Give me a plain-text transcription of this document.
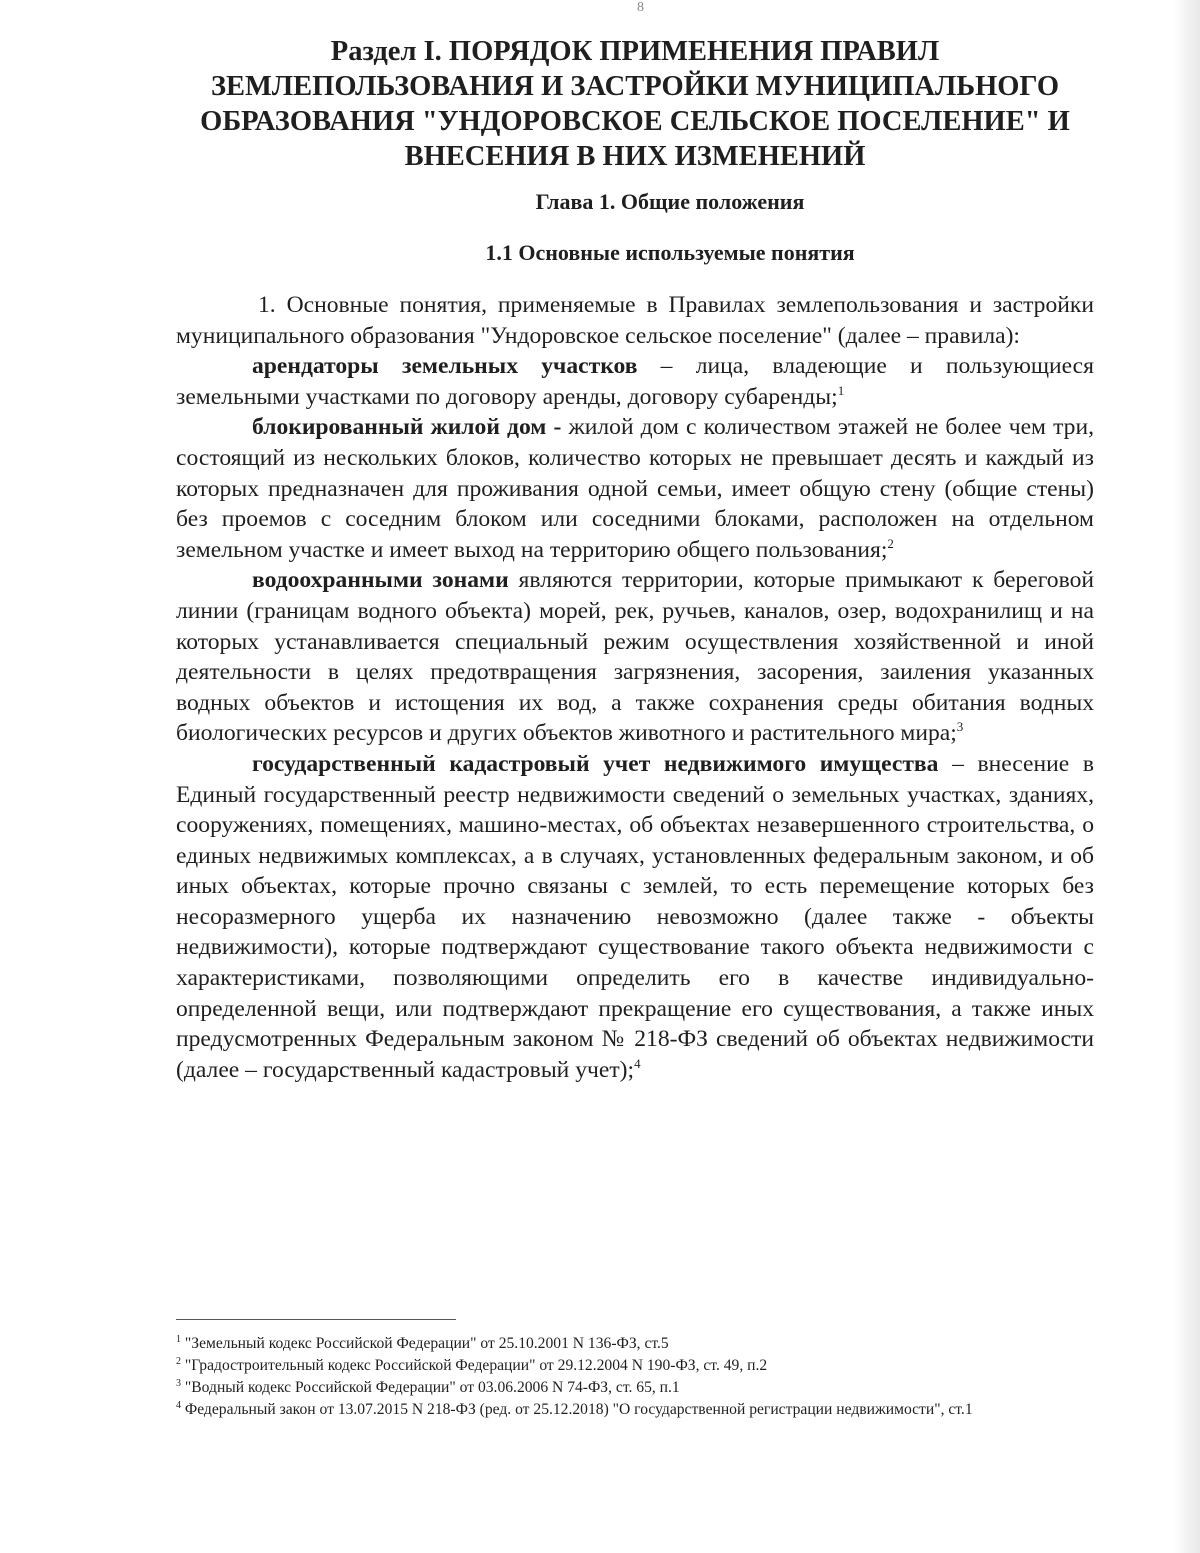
8
Раздел I. ПОРЯДОК ПРИМЕНЕНИЯ ПРАВИЛ ЗЕМЛЕПОЛЬЗОВАНИЯ И ЗАСТРОЙКИ МУНИЦИПАЛЬНОГО ОБРАЗОВАНИЯ "УНДОРОВСКОЕ СЕЛЬСКОЕ ПОСЕЛЕНИЕ" И ВНЕСЕНИЯ В НИХ ИЗМЕНЕНИЙ
Глава 1. Общие положения
1.1 Основные используемые понятия

1. Основные понятия, применяемые в Правилах землепользования и застройки муниципального образования "Ундоровское сельское поселение" (далее – правила):

арендаторы земельных участков – лица, владеющие и пользующиеся земельными участками по договору аренды, договору субаренды;$^1$

блокированный жилой дом - жилой дом с количеством этажей не более чем три, состоящий из нескольких блоков, количество которых не превышает десять и каждый из которых предназначен для проживания одной семьи, имеет общую стену (общие стены) без проемов с соседним блоком или соседними блоками, расположен на отдельном земельном участке и имеет выход на территорию общего пользования;$^2$

водоохранными зонами являются территории, которые примыкают к береговой линии (границам водного объекта) морей, рек, ручьев, каналов, озер, водохранилищ и на которых устанавливается специальный режим осуществления хозяйственной и иной деятельности в целях предотвращения загрязнения, засорения, заиления указанных водных объектов и истощения их вод, а также сохранения среды обитания водных биологических ресурсов и других объектов животного и растительного мира;$^3$

государственный кадастровый учет недвижимого имущества – внесение в Единый государственный реестр недвижимости сведений о земельных участках, зданиях, сооружениях, помещениях, машино-местах, об объектах незавершенного строительства, о единых недвижимых комплексах, а в случаях, установленных федеральным законом, и об иных объектах, которые прочно связаны с землей, то есть перемещение которых без несоразмерного ущерба их назначению невозможно (далее также - объекты недвижимости), которые подтверждают существование такого объекта недвижимости с характеристиками, позволяющими определить его в качестве индивидуально-определенной вещи, или подтверждают прекращение его существования, а также иных предусмотренных Федеральным законом № 218-ФЗ сведений об объектах недвижимости (далее – государственный кадастровый учет);$^4$

$^1$ "Земельный кодекс Российской Федерации" от 25.10.2001 N 136-ФЗ, ст.5

$^2$ "Градостроительный кодекс Российской Федерации" от 29.12.2004 N 190-ФЗ, ст. 49, п.2

$^3$ "Водный кодекс Российской Федерации" от 03.06.2006 N 74-ФЗ, ст. 65, п.1

$^4$ Федеральный закон от 13.07.2015 N 218-ФЗ (ред. от 25.12.2018) "О государственной регистрации недвижимости", ст.1
